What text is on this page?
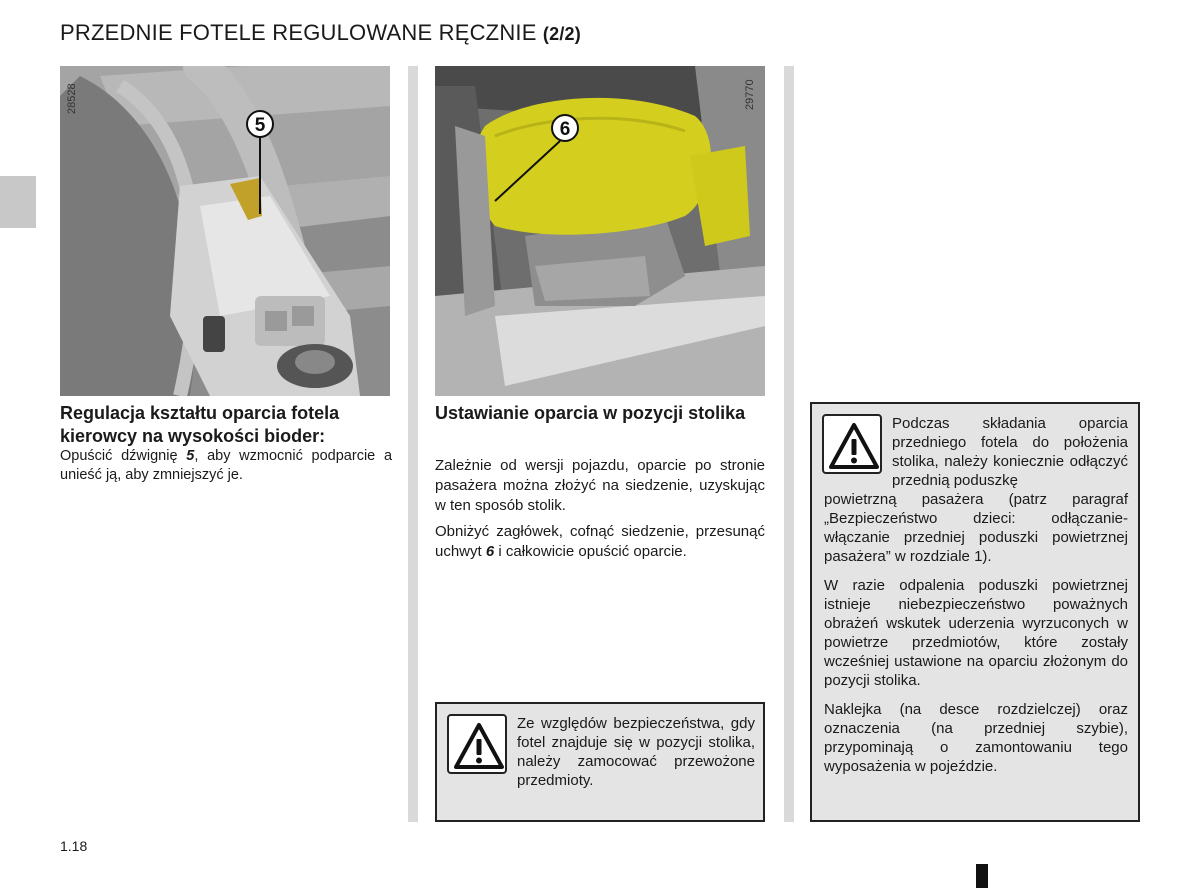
PRZEDNIE FOTELE REGULOWANE RĘCZNIE (2/2)
5
28528
6
29770
Regulacja kształtu oparcia fotela kierowcy na wysokości bioder:

Opuścić dźwignię 5, aby wzmocnić podparcie a unieść ją, aby zmniejszyć je.

Ustawianie oparcia w pozycji stolika

Zależnie od wersji pojazdu, oparcie po stronie pasażera można złożyć na siedzenie, uzyskując w ten sposób stolik.

Obniżyć zagłówek, cofnąć siedzenie, przesunąć uchwyt 6 i całkowicie opuścić oparcie.

Ze względów bezpieczeństwa, gdy fotel znajduje się w pozycji stolika, należy zamocować przewożone przedmioty.

Podczas składania oparcia przedniego fotela do położenia stolika, należy koniecznie odłączyć przednią poduszkę

powietrzną pasażera (patrz paragraf „Bezpieczeństwo dzieci: odłączanie-włączanie przedniej poduszki powietrznej pasażera” w rozdziale 1).

W razie odpalenia poduszki powietrznej istnieje niebezpieczeństwo poważnych obrażeń wskutek uderzenia wyrzuconych w powietrze przedmiotów, które zostały wcześniej ustawione na oparciu złożonym do pozycji stolika.

Naklejka (na desce rozdzielczej) oraz oznaczenia (na przedniej szybie), przypominają o zamontowaniu tego wyposażenia w pojeździe.

1.18
